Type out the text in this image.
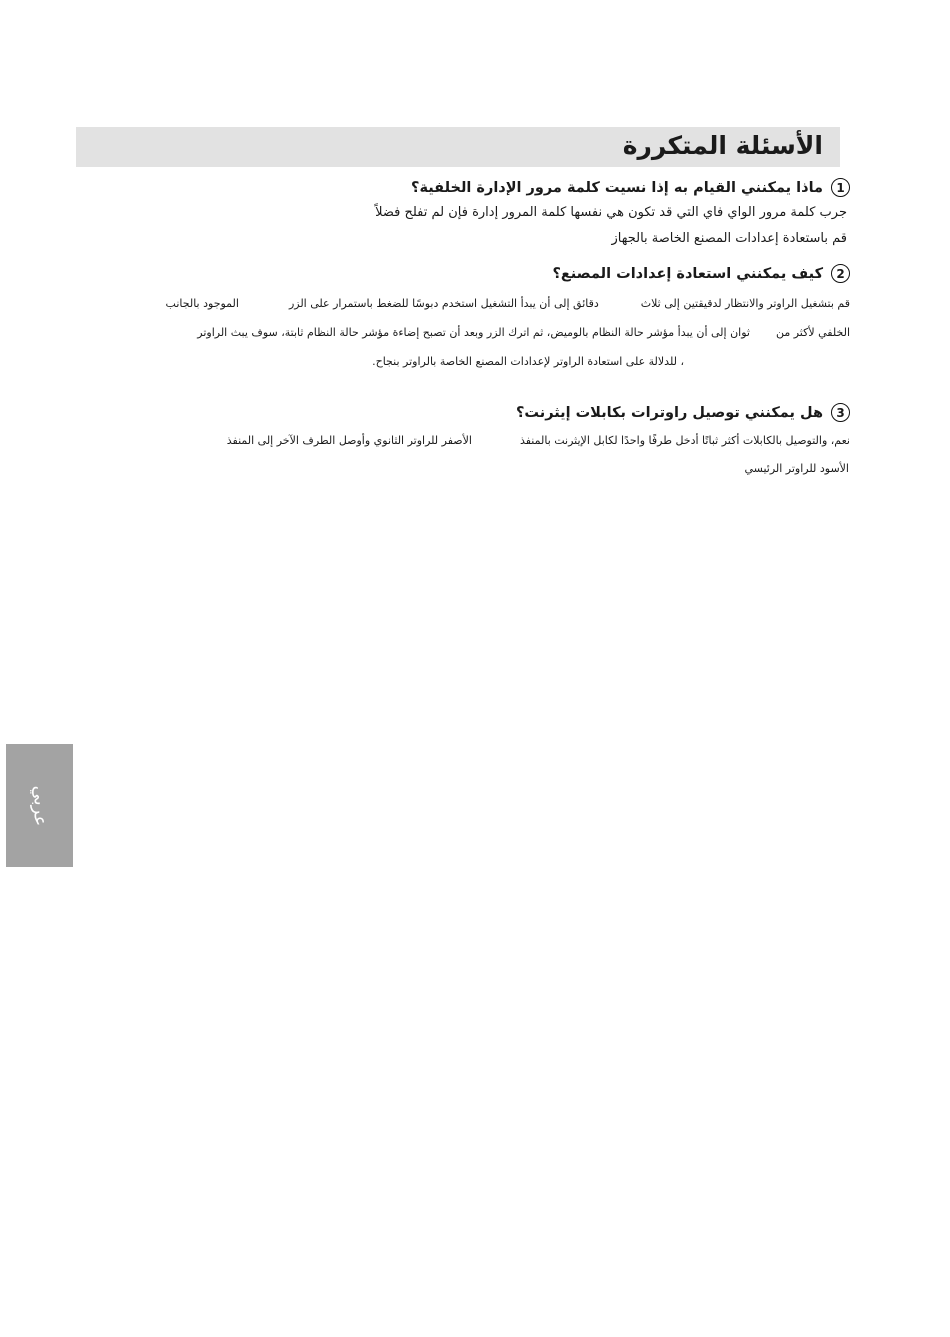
الأسئلة المتكررة
1
ماذا يمكنني القيام به إذا نسيت كلمة مرور الإدارة الخلفية؟
جرب كلمة مرور الواي فاي التي قد تكون هي نفسها كلمة المرور إدارة فإن لم تفلح فضلاً
قم باستعادة إعدادات المصنع الخاصة بالجهاز
2
كيف يمكنني استعادة إعدادات المصنع؟
قم بتشغيل الراوتر والانتظار لدقيقتين إلى ثلاثدقائق إلى أن يبدأ التشغيل استخدم دبوسًا للضغط باستمرار على الزرالموجود بالجانب
الخلفي لأكثر منثوان إلى أن يبدأ مؤشر حالة النظام بالوميض، ثم اترك الزر وبعد أن تصبح إضاءة مؤشر حالة النظام ثابتة، سوف يبث الراوتر
، للدلالة على استعادة الراوتر لإعدادات المصنع الخاصة بالراوتر بنجاح.
3
هل يمكنني توصيل راوترات بكابلات إيثرنت؟
نعم، والتوصيل بالكابلات أكثر ثباتًا أدخل طرفًا واحدًا لكابل الإيثرنت بالمنفذالأصفر للراوتر الثانوي وأوصل الطرف الآخر إلى المنفذ
الأسود للراوتر الرئيسي
عربي
